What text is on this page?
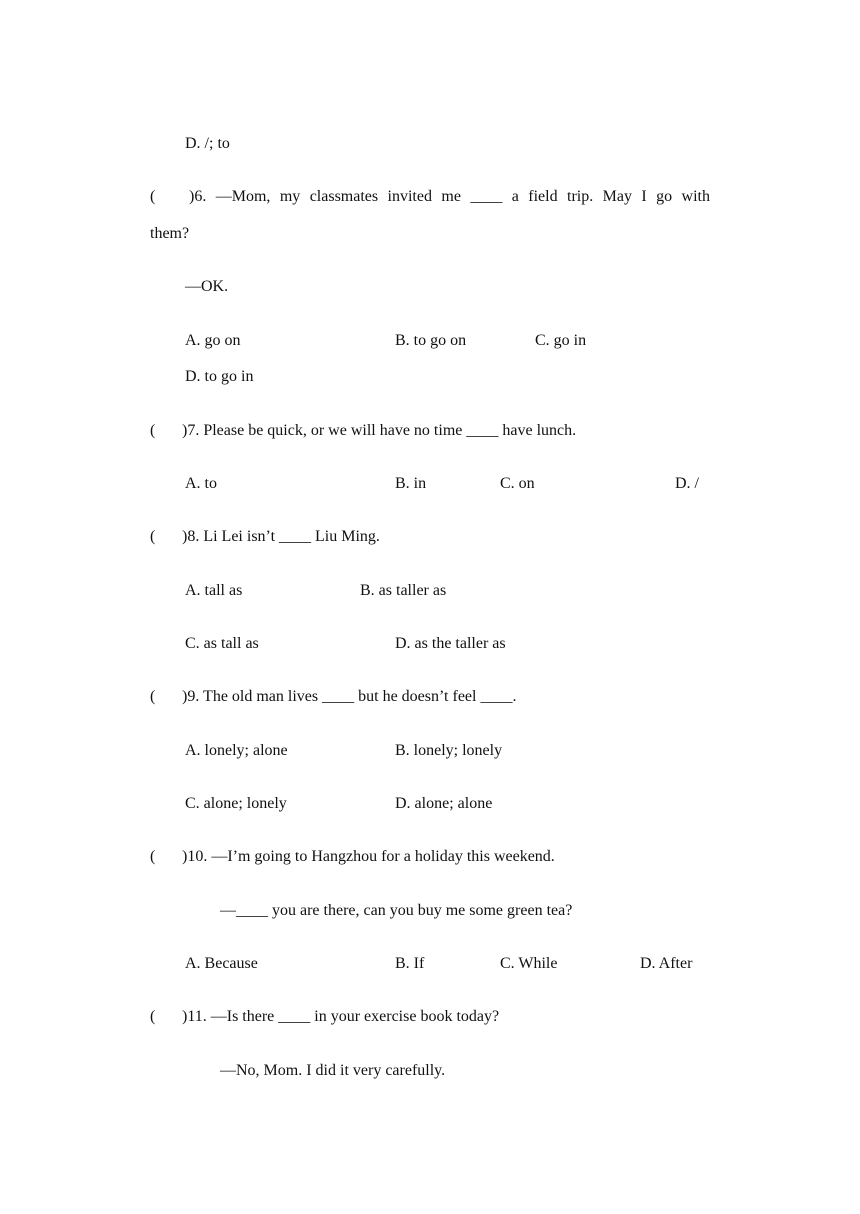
D. /; to
( )6. —Mom, my classmates invited me ____ a field trip. May I go with
them?
—OK.
A. go on	B. to go on	C. go in
D. to go in
( )7. Please be quick, or we will have no time ____ have lunch.
A. to	B. in	C. on	D. /
( )8. Li Lei isn’t ____ Liu Ming.
A. tall as	B. as taller as
C. as tall as	D. as the taller as
( )9. The old man lives ____ but he doesn’t feel ____.
A. lonely; alone	B. lonely; lonely
C. alone; lonely	D. alone; alone
( )10. —I’m going to Hangzhou for a holiday this weekend.
—____ you are there, can you buy me some green tea?
A. Because	B. If	C. While	D. After
( )11. —Is there ____ in your exercise book today?
—No, Mom. I did it very carefully.
